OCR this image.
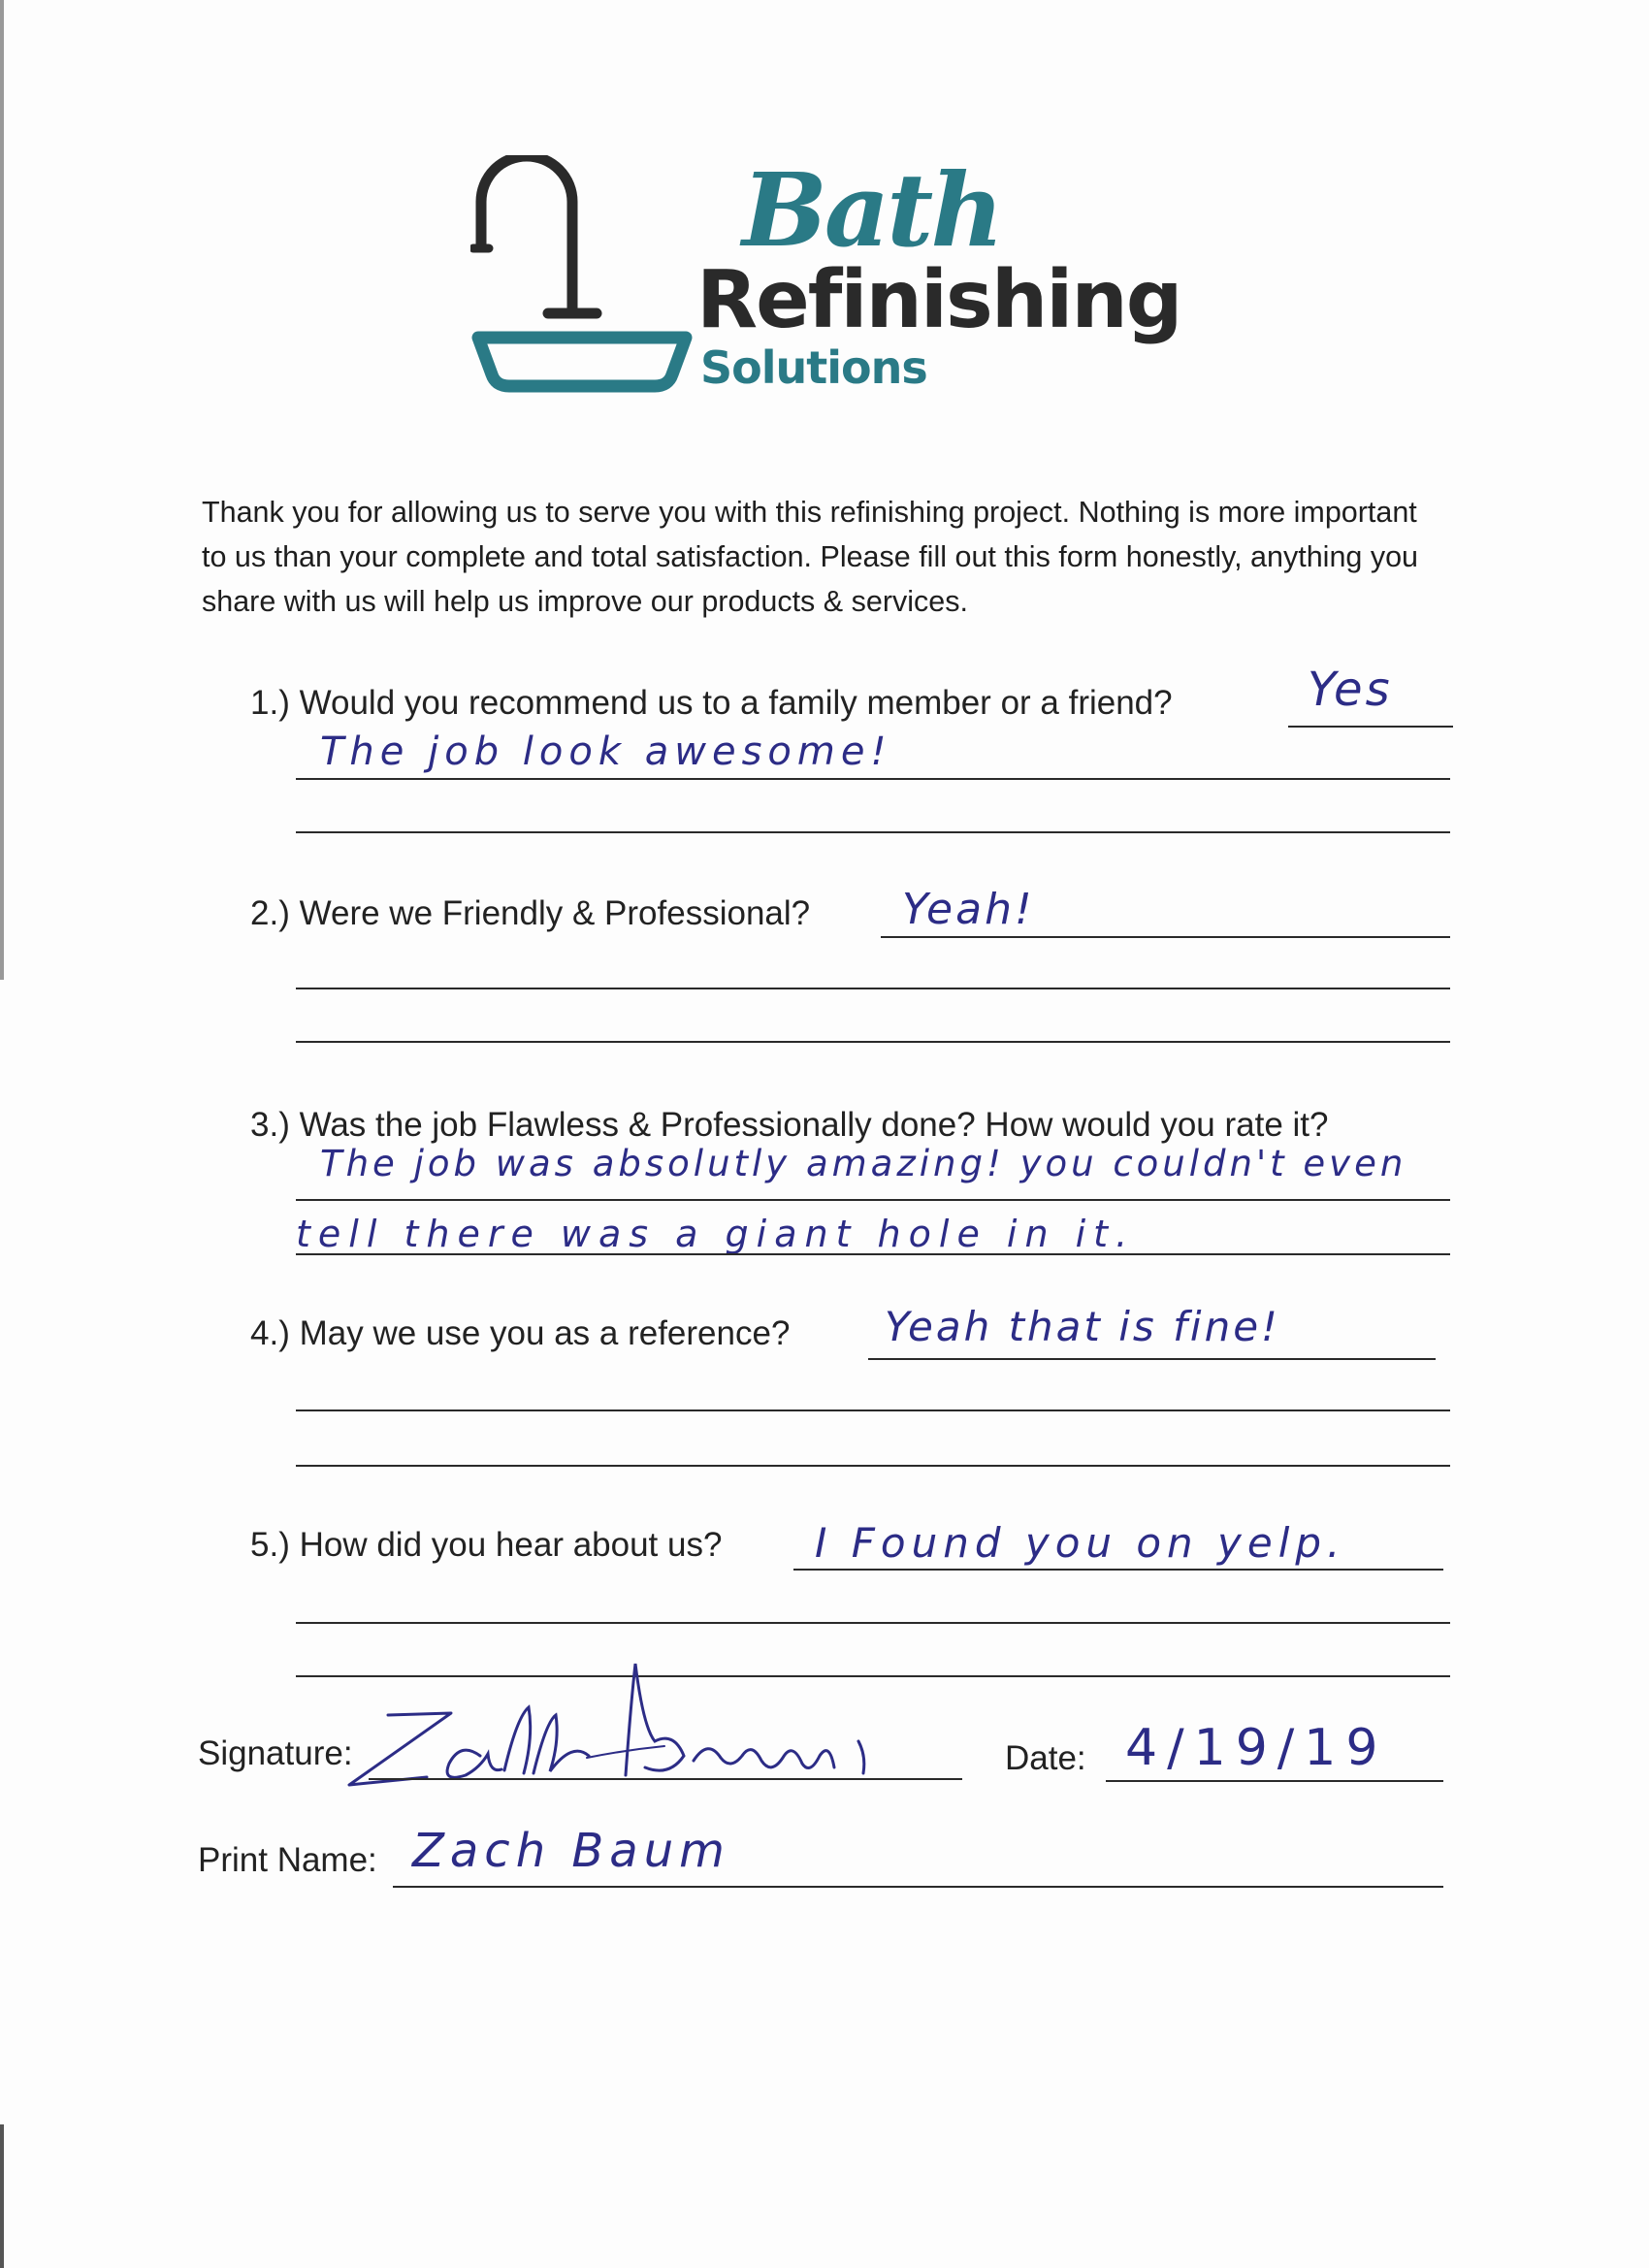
Bath
Refinishing
Solutions
Thank you for allowing us to serve you with this refinishing project. Nothing is more important to us than your complete and total satisfaction. Please fill out this form honestly, anything you share with us will help us improve our products & services.
1.) Would you recommend us to a family member or a friend?	Yes
The job look awesome!
2.) Were we Friendly & Professional? Yeah!
3.) Was the job Flawless & Professionally done? How would you rate it?
The job was absolutly amazing! you couldn't even
tell there was a giant hole in it.
4.) May we use you as a reference? Yeah that is fine!
5.) How did you hear about us? I Found you on yelp.
Signature:	Date: 4/19/19
Print Name: Zach Baum
